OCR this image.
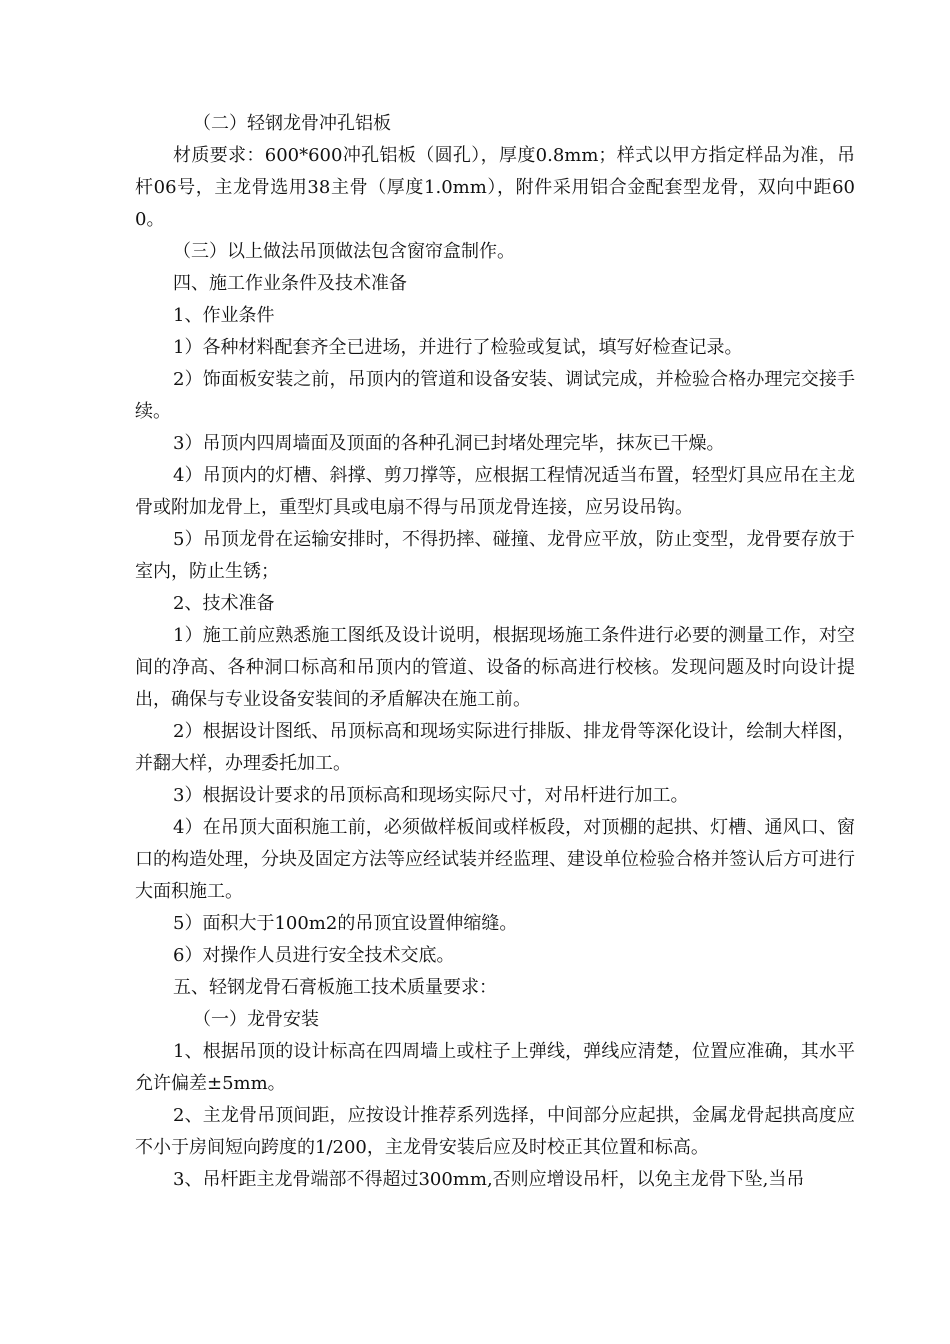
（二）轻钢龙骨冲孔铝板

材质要求：600*600冲孔铝板（圆孔），厚度0.8mm；样式以甲方指定样品为准，吊杆06号，主龙骨选用38主骨（厚度1.0mm），附件采用铝合金配套型龙骨，双向中距600。

（三）以上做法吊顶做法包含窗帘盒制作。

四、施工作业条件及技术准备

1、作业条件

1）各种材料配套齐全已进场，并进行了检验或复试，填写好检查记录。

2）饰面板安装之前，吊顶内的管道和设备安装、调试完成，并检验合格办理完交接手续。

3）吊顶内四周墙面及顶面的各种孔洞已封堵处理完毕，抹灰已干燥。

4）吊顶内的灯槽、斜撑、剪刀撑等，应根据工程情况适当布置，轻型灯具应吊在主龙骨或附加龙骨上，重型灯具或电扇不得与吊顶龙骨连接，应另设吊钩。

5）吊顶龙骨在运输安排时，不得扔摔、碰撞、龙骨应平放，防止变型，龙骨要存放于室内，防止生锈；

2、技术准备

1）施工前应熟悉施工图纸及设计说明，根据现场施工条件进行必要的测量工作，对空间的净高、各种洞口标高和吊顶内的管道、设备的标高进行校核。发现问题及时向设计提出，确保与专业设备安装间的矛盾解决在施工前。

2）根据设计图纸、吊顶标高和现场实际进行排版、排龙骨等深化设计，绘制大样图，并翻大样，办理委托加工。

3）根据设计要求的吊顶标高和现场实际尺寸，对吊杆进行加工。

4）在吊顶大面积施工前，必须做样板间或样板段，对顶棚的起拱、灯槽、通风口、窗口的构造处理，分块及固定方法等应经试装并经监理、建设单位检验合格并签认后方可进行大面积施工。

5）面积大于100m2的吊顶宜设置伸缩缝。

6）对操作人员进行安全技术交底。

五、轻钢龙骨石膏板施工技术质量要求：

（一）龙骨安装

1、根据吊顶的设计标高在四周墙上或柱子上弹线，弹线应清楚，位置应准确，其水平允许偏差±5mm。

2、主龙骨吊顶间距，应按设计推荐系列选择，中间部分应起拱，金属龙骨起拱高度应不小于房间短向跨度的1/200，主龙骨安装后应及时校正其位置和标高。

3、吊杆距主龙骨端部不得超过300mm,否则应增设吊杆，以免主龙骨下坠,当吊
